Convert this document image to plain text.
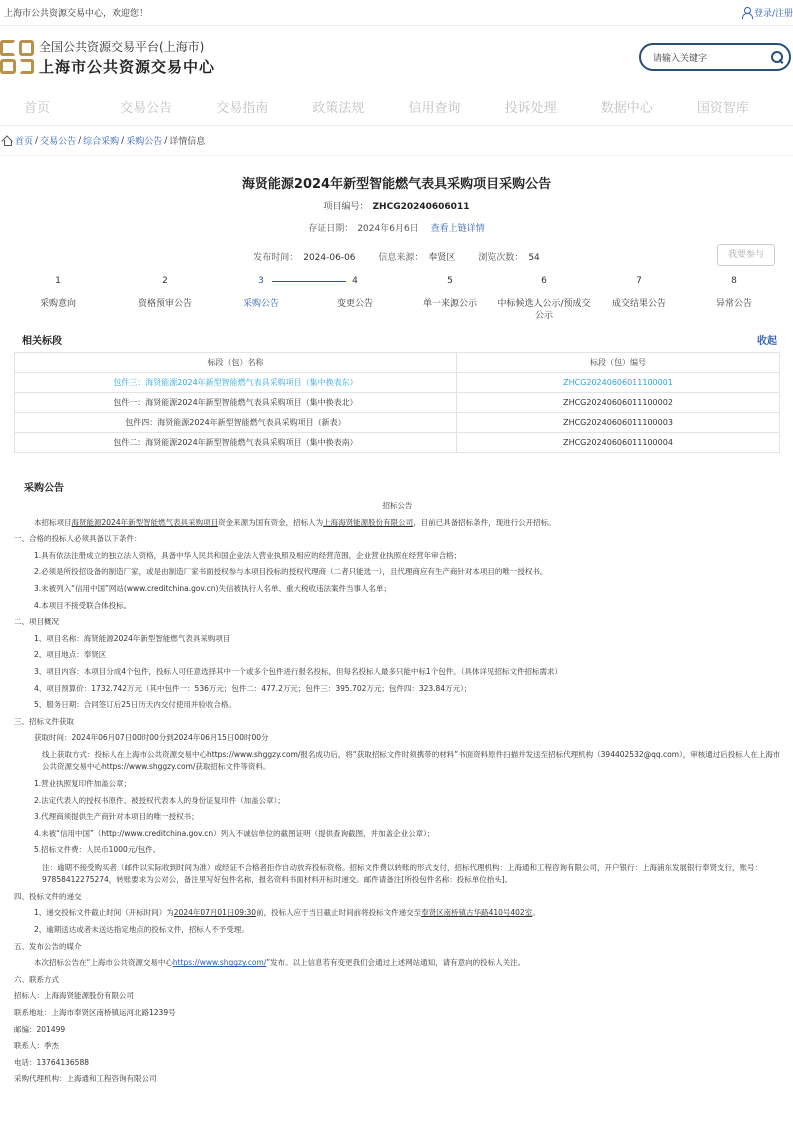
上海市公共资源交易中心，欢迎您！	登录/注册
全国公共资源交易平台(上海市)
上海市公共资源交易中心	请输入关键字
首页	交易公告	交易指南	政策法规	信用查询	投诉处理	数据中心	国资智库
首页 / 交易公告 / 综合采购 / 采购公告 / 详情信息
海贤能源2024年新型智能燃气表具采购项目采购公告
项目编号： ZHCG20240606011
存证日期： 2024年6月6日 查看上链详情
发布时间： 2024-06-06	信息来源： 奉贤区	浏览次数： 54	我要参与
1
采购意向
2
资格预审公告
3
采购公告
4
变更公告
5
单一来源公示
6
中标候选人公示/预成交公示
7
成交结果公告
8
异常公告
相关标段	收起
标段（包）名称	标段（包）编号
包件三：海贤能源2024年新型智能燃气表具采购项目（集中换表东）	ZHCG20240606011100001
包件一：海贤能源2024年新型智能燃气表具采购项目（集中换表北）	ZHCG20240606011100002
包件四：海贤能源2024年新型智能燃气表具采购项目（新表）	ZHCG20240606011100003
包件二：海贤能源2024年新型智能燃气表具采购项目（集中换表南）	ZHCG20240606011100004
采购公告
招标公告
本招标项目海贤能源2024年新型智能燃气表具采购项目资金来源为国有资金，招标人为上海海贤能源股份有限公司，目前已具备招标条件，现进行公开招标。
一、合格的投标人必须具备以下条件：
1.具有依法注册成立的独立法人资格，具备中华人民共和国企业法人营业执照及相应的经营范围，企业营业执照在经营年审合格；
2.必须是所投招设备的制造厂家，或是由制造厂家书面授权参与本项目投标的授权代理商（二者只能选一），且代理商应有生产商针对本项目的唯一授权书。
3.未被列入“信用中国”网站(www.creditchina.gov.cn)失信被执行人名单、重大税收违法案件当事人名单；
4.本项目不接受联合体投标。
二、项目概况
1、项目名称：海贤能源2024年新型智能燃气表具采购项目
2、项目地点：奉贤区
3、项目内容：本项目分成4个包件，投标人可任意选择其中一个或多个包件进行报名投标，但每名投标人最多只能中标1个包件。（具体详见招标文件招标需求）
4、项目预算价：1732.742万元（其中包件一：536万元；包件二：477.2万元；包件三：395.702万元；包件四：323.84万元）；
5、服务日期：合同签订后25日历天内交付使用并验收合格。
三、招标文件获取
获取时间：2024年06月07日00时00分到2024年06月15日00时00分
线上获取方式：投标人在上海市公共资源交易中心https://www.shggzy.com/报名成功后，将“获取招标文件时须携带的材料”书面资料原件扫描并发送至招标代理机构（394402532@qq.com），审核通过后投标人在上海市公共资源交易中心https://www.shggzy.com/获取招标文件等资料。
1.营业执照复印件加盖公章；
2.法定代表人的授权书原件、被授权代表本人的身份证复印件（加盖公章）；
3.代理商须提供生产商针对本项目的唯一授权书；
4.未被“信用中国”（http://www.creditchina.gov.cn）列入不诚信单位的截图证明（提供查询截图，并加盖企业公章）；
5.招标文件费：人民币1000元/包件。
注：逾期不接受购买者（邮件以实际收到时间为准）或经证不合格者拒作自动放弃投标资格。招标文件费以转账的形式支付，招标代理机构：上海通和工程咨询有限公司，开户银行：上海浦东发展银行奉贤支行，账号：97858412275274，转账要求为公对公，备注里写好包件名称，报名资料书面材料开标时递交。邮件请备注[所投包件名称：投标单位抬头]。
四、投标文件的递交
1、递交投标文件截止时间（开标时间）为2024年07月01日09:30前，投标人应于当日截止时间前将投标文件递交至奉贤区南桥镇古华路410号402室。
2、逾期送达或者未送达指定地点的投标文件，招标人不予受理。
五、发布公告的媒介
本次招标公告在“上海市公共资源交易中心https://www.shggzy.com/”发布。以上信息若有变更我们会通过上述网站通知，请有意向的投标人关注。
六、联系方式
招标人：上海海贤能源股份有限公司
联系地址：上海市奉贤区南桥镇运河北路1239号
邮编：201499
联系人：季杰
电话：13764136588
采购代理机构：上海通和工程咨询有限公司
